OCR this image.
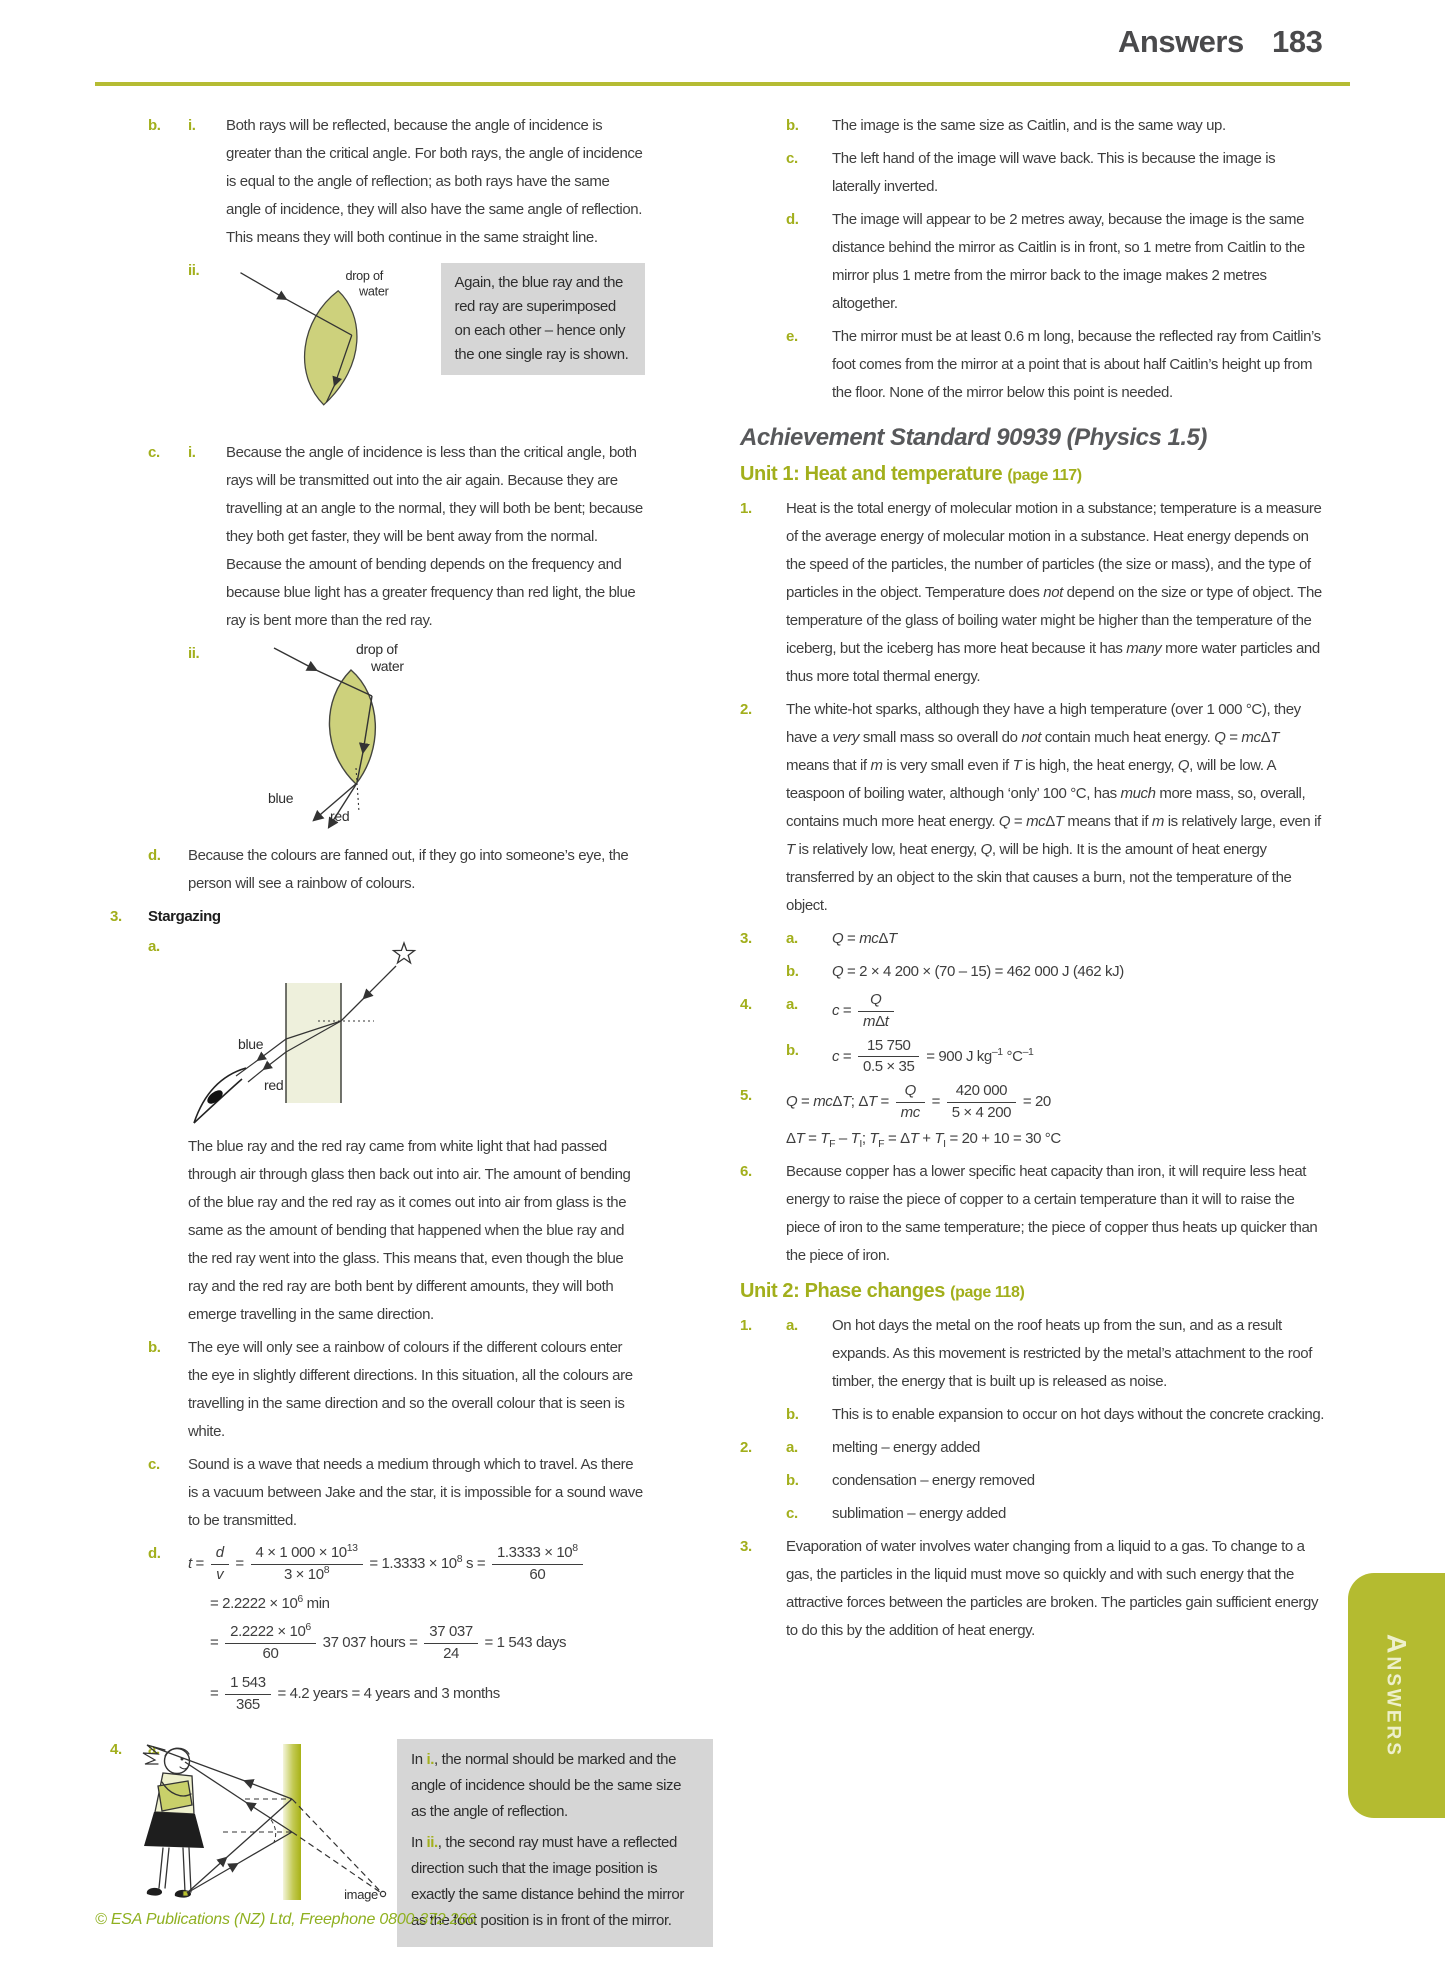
Answers 183
b.	i.	Both rays will be reflected, because the angle of incidence is greater than the critical angle. For both rays, the angle of incidence is equal to the angle of reflection; as both rays have the same angle of incidence, they will also have the same angle of reflection. This means they will both continue in the same straight line.
ii.	drop of
water
Again, the blue ray and the red ray are superimposed on each other – hence only the one single ray is shown.
c.	i.	Because the angle of incidence is less than the critical angle, both rays will be transmitted out into the air again. Because they are travelling at an angle to the normal, they will both be bent; because they both get faster, they will be bent away from the normal. Because the amount of bending depends on the frequency and because blue light has a greater frequency than red light, the blue ray is bent more than the red ray.
ii.	drop of
water
blue
red
d.	Because the colours are fanned out, if they go into someone’s eye, the person will see a rainbow of colours.
3.	Stargazing
a.
blue
red
The blue ray and the red ray came from white light that had passed through air through glass then back out into air. The amount of bending of the blue ray and the red ray as it comes out into air from glass is the same as the amount of bending that happened when the blue ray and the red ray went into the glass. This means that, even though the blue ray and the red ray are both bent by different amounts, they will both emerge travelling in the same direction.
b.	The eye will only see a rainbow of colours if the different colours enter the eye in slightly different directions. In this situation, all the colours are travelling in the same direction and so the overall colour that is seen is white.
c.	Sound is a wave that needs a medium through which to travel. As there is a vacuum between Jake and the star, it is impossible for a sound wave to be transmitted.
d.
$t = \frac{d}{v} = \frac{4 \times 1 000 \times 10^{13}}{3 \times 10^8} = 1.3333 \times 10^8$ $s = \frac{1.3333 \times 10^8}{60}$
= $2.2222 \times 10^6$ min
= $\frac{2.2222 \times 10^6}{60} 37$ 037 hours = $\frac{37 037}{24} = 1$ 543 days
= $\frac{1 543}{365} = 4.2$ years = 4 years and 3 months
4. a.
image

In i., the normal should be marked and the angle of incidence should be the same size as the angle of reflection.

In ii., the second ray must have a reflected direction such that the image position is exactly the same distance behind the mirror as the foot position is in front of the mirror.

b.	The image is the same size as Caitlin, and is the same way up.
c.	The left hand of the image will wave back. This is because the image is laterally inverted.
d.	The image will appear to be 2 metres away, because the image is the same distance behind the mirror as Caitlin is in front, so 1 metre from Caitlin to the mirror plus 1 metre from the mirror back to the image makes 2 metres altogether.
e.	The mirror must be at least 0.6 m long, because the reflected ray from Caitlin’s foot comes from the mirror at a point that is about half Caitlin’s height up from the floor. None of the mirror below this point is needed.
Achievement Standard 90939 (Physics 1.5)
Unit 1: Heat and temperature (page 117)
1.	Heat is the total energy of molecular motion in a substance; temperature is a measure of the average energy of molecular motion in a substance. Heat energy depends on the speed of the particles, the number of particles (the size or mass), and the type of particles in the object. Temperature does not depend on the size or type of object. The temperature of the glass of boiling water might be higher than the temperature of the iceberg, but the iceberg has more heat because it has many more water particles and thus more total thermal energy.
2.	The white-hot sparks, although they have a high temperature (over 1 000 °C), they have a very small mass so overall do not contain much heat energy. Q = mcΔT means that if m is very small even if T is high, the heat energy, Q, will be low. A teaspoon of boiling water, although ‘only’ 100 °C, has much more mass, so, overall, contains much more heat energy. Q = mcΔT means that if m is relatively large, even if T is relatively low, heat energy, Q, will be high. It is the amount of heat energy transferred by an object to the skin that causes a burn, not the temperature of the object.
3.	a.	Q = mcΔT
b.	Q = 2 × 4 200 × (70 – 15) = 462 000 J (462 kJ)
4.	a.	$c = \frac{Q}{\text{mΔt}}$
b.	$c = \frac{15 750}{0.5 \times 35} = 900$ J $kg^{-1}$ $^\circ C^{-1}$
5.	Q = mcΔT; $\Delta T = \frac{Q}{mc} = \frac{420 000}{5 \times 4 200} = 20$
$\Delta T = T_F - T_I$; $T_F = \Delta T + T_I = 20 + 10 = 30$ °C
6.	Because copper has a lower specific heat capacity than iron, it will require less heat energy to raise the piece of copper to a certain temperature than it will to raise the piece of iron to the same temperature; the piece of copper thus heats up quicker than the piece of iron.
Unit 2: Phase changes (page 118)
1.	a.	On hot days the metal on the roof heats up from the sun, and as a result expands. As this movement is restricted by the metal’s attachment to the roof timber, the energy that is built up is released as noise.
b.	This is to enable expansion to occur on hot days without the concrete cracking.
2.	a.	melting – energy added
b.	condensation – energy removed
c.	sublimation – energy added
3.	Evaporation of water involves water changing from a liquid to a gas. To change to a gas, the particles in the liquid must move so quickly and with such energy that the attractive forces between the particles are broken. The particles gain sufficient energy to do this by the addition of heat energy.
© ESA Publications (NZ) Ltd, Freephone 0800-372 266
Answers
